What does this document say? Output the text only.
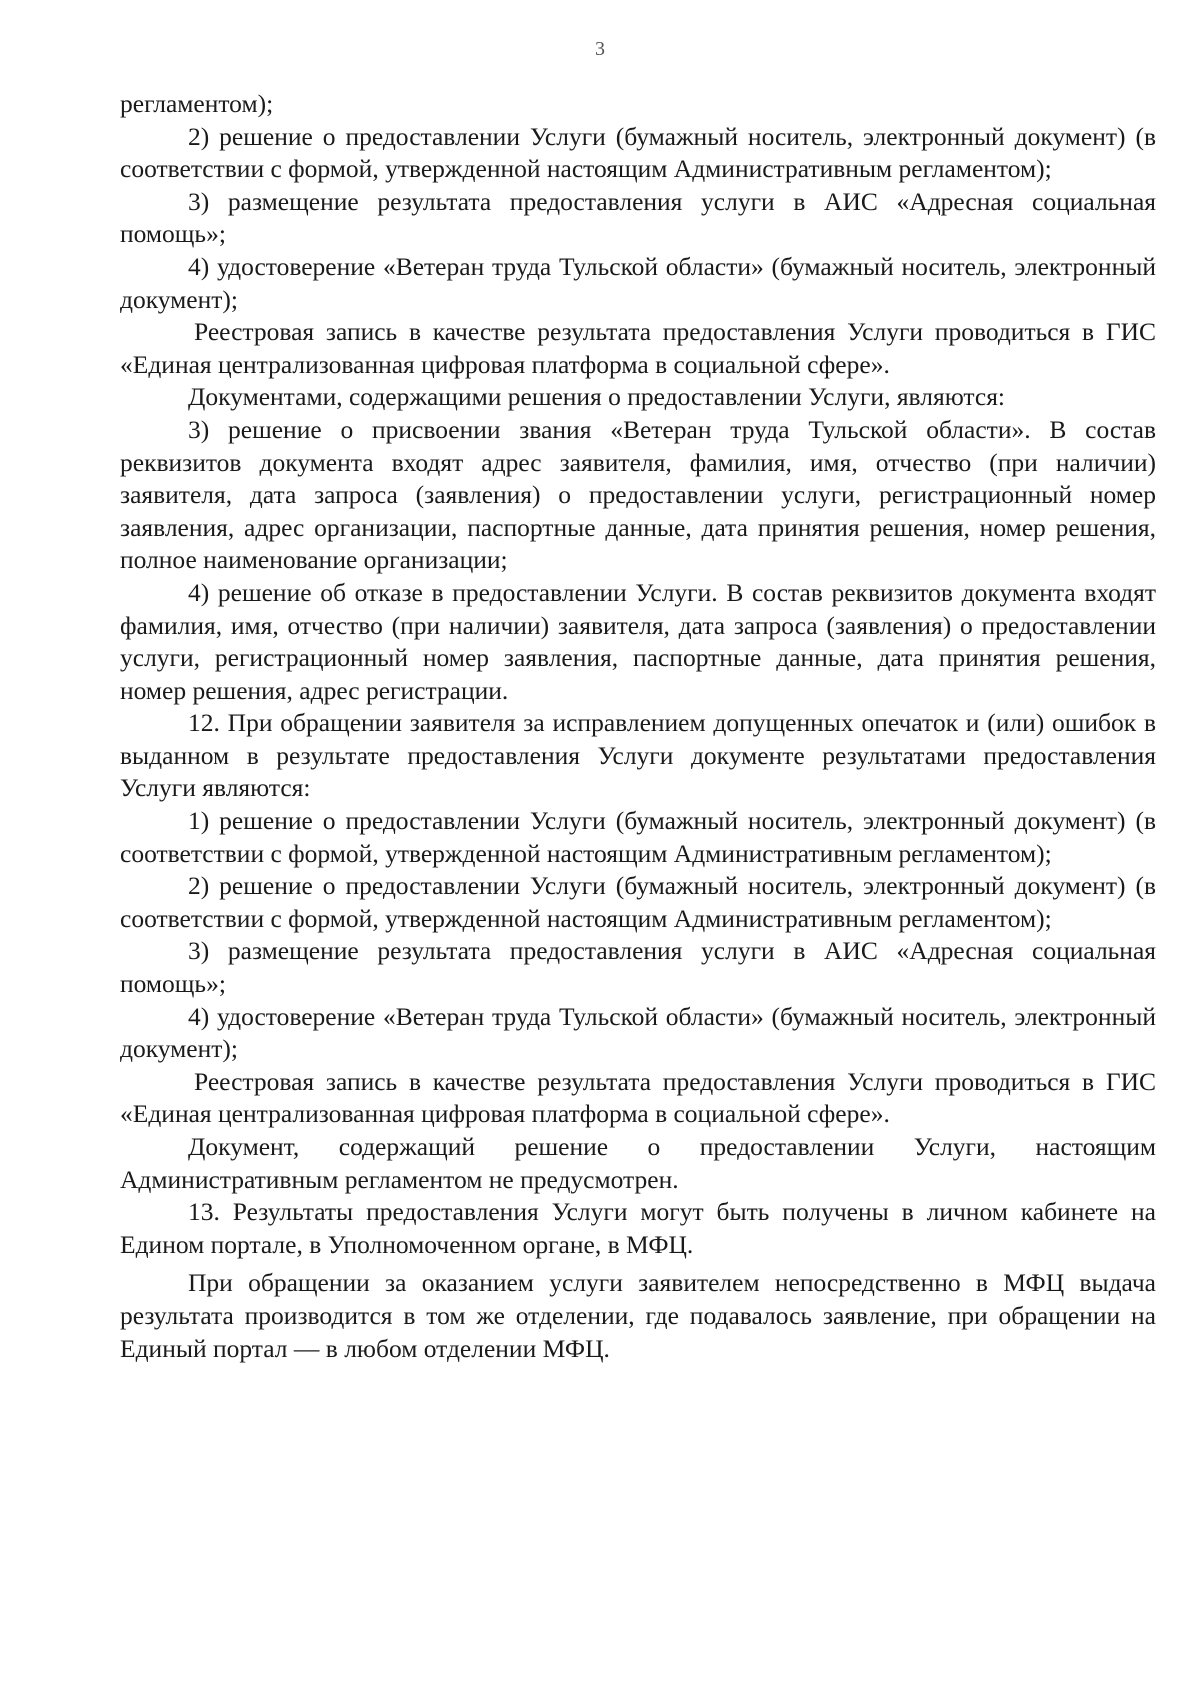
3

регламентом);

2) решение о предоставлении Услуги (бумажный носитель, электронный документ) (в соответствии с формой, утвержденной настоящим Административным регламентом);

3) размещение результата предоставления услуги в АИС «Адресная социальная помощь»;

4) удостоверение «Ветеран труда Тульской области» (бумажный носитель, электронный документ);

Реестровая запись в качестве результата предоставления Услуги проводиться в ГИС «Единая централизованная цифровая платформа в социальной сфере».

Документами, содержащими решения о предоставлении Услуги, являются:

3) решение о присвоении звания «Ветеран труда Тульской области». В состав реквизитов документа входят адрес заявителя, фамилия, имя, отчество (при наличии) заявителя, дата запроса (заявления) о предоставлении услуги, регистрационный номер заявления, адрес организации, паспортные данные, дата принятия решения, номер решения, полное наименование организации;

4) решение об отказе в предоставлении Услуги. В состав реквизитов документа входят фамилия, имя, отчество (при наличии) заявителя, дата запроса (заявления) о предоставлении услуги, регистрационный номер заявления, паспортные данные, дата принятия решения, номер решения, адрес регистрации.

12. При обращении заявителя за исправлением допущенных опечаток и (или) ошибок в выданном в результате предоставления Услуги документе результатами предоставления Услуги являются:

1) решение о предоставлении Услуги (бумажный носитель, электронный документ) (в соответствии с формой, утвержденной настоящим Административным регламентом);

2) решение о предоставлении Услуги (бумажный носитель, электронный документ) (в соответствии с формой, утвержденной настоящим Административным регламентом);

3) размещение результата предоставления услуги в АИС «Адресная социальная помощь»;

4) удостоверение «Ветеран труда Тульской области» (бумажный носитель, электронный документ);

Реестровая запись в качестве результата предоставления Услуги проводиться в ГИС «Единая централизованная цифровая платформа в социальной сфере».

Документ, содержащий решение о предоставлении Услуги, настоящим Административным регламентом не предусмотрен.

13. Результаты предоставления Услуги могут быть получены в личном кабинете на Едином портале, в Уполномоченном органе, в МФЦ.

При обращении за оказанием услуги заявителем непосредственно в МФЦ выдача результата производится в том же отделении, где подавалось заявление, при обращении на Единый портал — в любом отделении МФЦ.
